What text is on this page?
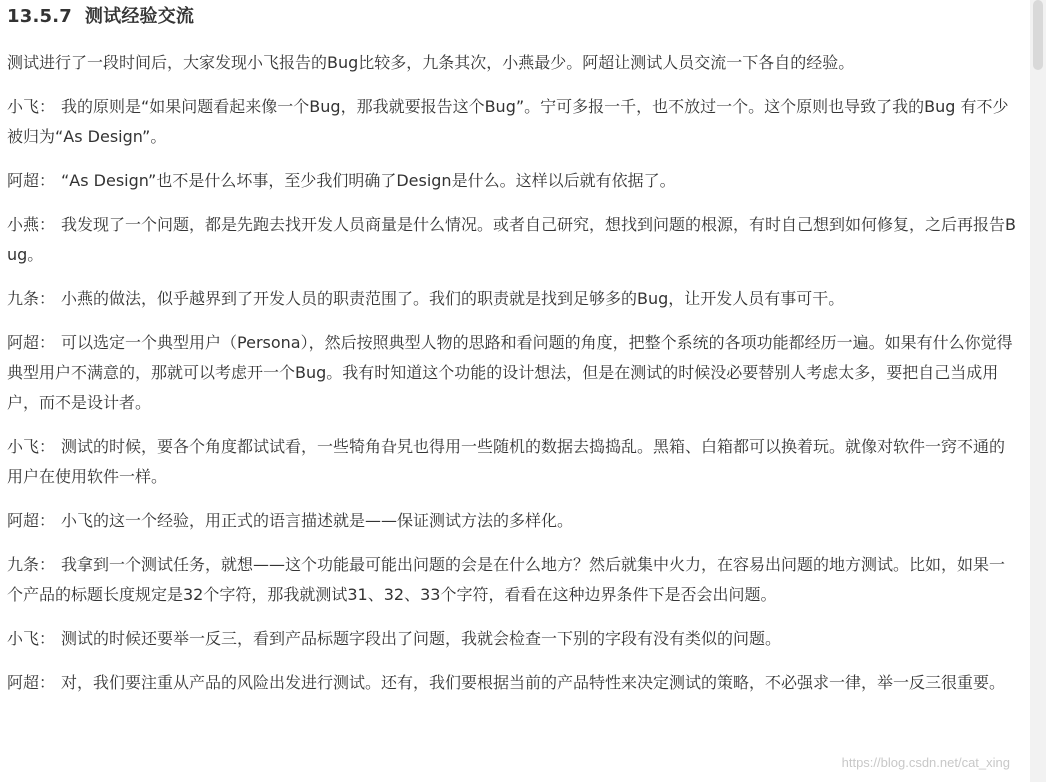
13.5.7 测试经验交流

测试进行了一段时间后，大家发现小飞报告的Bug比较多，九条其次，小燕最少。阿超让测试人员交流一下各自的经验。

小飞： 我的原则是“如果问题看起来像一个Bug，那我就要报告这个Bug”。宁可多报一千，也不放过一个。这个原则也导致了我的Bug 有不少被归为“As Design”。

阿超： “As Design”也不是什么坏事，至少我们明确了Design是什么。这样以后就有依据了。

小燕： 我发现了一个问题，都是先跑去找开发人员商量是什么情况。或者自己研究，想找到问题的根源，有时自己想到如何修复，之后再报告Bug。

九条： 小燕的做法，似乎越界到了开发人员的职责范围了。我们的职责就是找到足够多的Bug，让开发人员有事可干。

阿超： 可以选定一个典型用户（Persona），然后按照典型人物的思路和看问题的角度，把整个系统的各项功能都经历一遍。如果有什么你觉得典型用户不满意的，那就可以考虑开一个Bug。我有时知道这个功能的设计想法，但是在测试的时候没必要替别人考虑太多，要把自己当成用户，而不是设计者。

小飞： 测试的时候，要各个角度都试试看，一些犄角旮旯也得用一些随机的数据去捣捣乱。黑箱、白箱都可以换着玩。就像对软件一窍不通的用户在使用软件一样。

阿超： 小飞的这一个经验，用正式的语言描述就是——保证测试方法的多样化。

九条： 我拿到一个测试任务，就想——这个功能最可能出问题的会是在什么地方？然后就集中火力，在容易出问题的地方测试。比如，如果一个产品的标题长度规定是32个字符，那我就测试31、32、33个字符，看看在这种边界条件下是否会出问题。

小飞： 测试的时候还要举一反三，看到产品标题字段出了问题，我就会检查一下别的字段有没有类似的问题。

阿超： 对，我们要注重从产品的风险出发进行测试。还有，我们要根据当前的产品特性来决定测试的策略，不必强求一律，举一反三很重要。

https://blog.csdn.net/cat_xing
